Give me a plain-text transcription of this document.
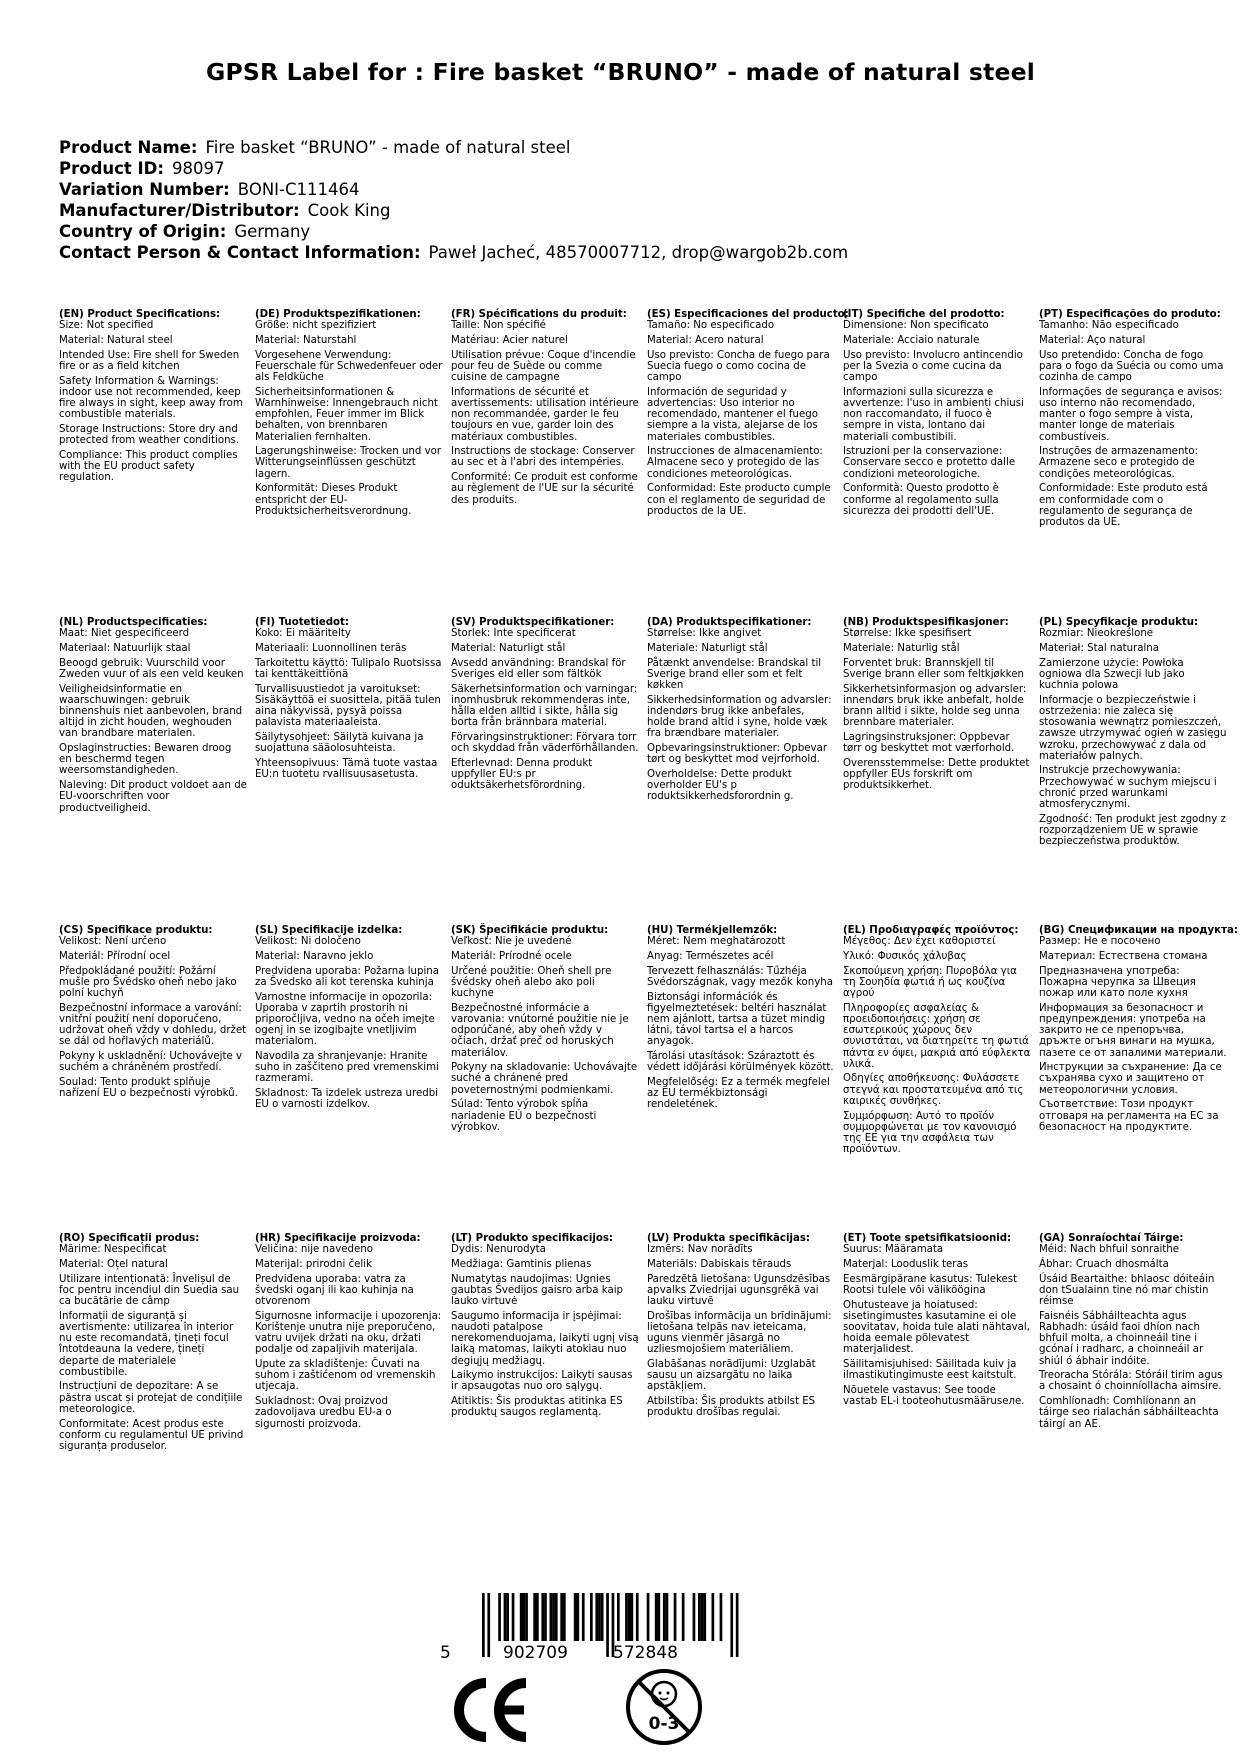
GPSR Label for : Fire basket “BRUNO” - made of natural steel
Product Name: Fire basket “BRUNO” - made of natural steel
Product ID: 98097
Variation Number: BONI-C111464
Manufacturer/Distributor: Cook King
Country of Origin: Germany
Contact Person & Contact Information: Paweł Jacheć, 48570007712, drop@wargob2b.com

(EN) Product Specifications:

Size: Not specified

Material: Natural steel

Intended Use: Fire shell for Sweden fire or as a field kitchen

Safety Information & Warnings: indoor use not recommended, keep fire always in sight, keep away from combustible materials.

Storage Instructions: Store dry and protected from weather conditions.

Compliance: This product complies with the EU product safety regulation.

(DE) Produktspezifikationen:

Größe: nicht spezifiziert

Material: Naturstahl

Vorgesehene Verwendung: Feuerschale für Schwedenfeuer oder als Feldküche

Sicherheitsinformationen & Warnhinweise: Innengebrauch nicht empfohlen, Feuer immer im Blick behalten, von brennbaren Materialien fernhalten.

Lagerungshinweise: Trocken und vor Witterungseinflüssen geschützt lagern.

Konformität: Dieses Produkt entspricht der EU-Produktsicherheitsverordnung.

(FR) Spécifications du produit:

Taille: Non spécifié

Matériau: Acier naturel

Utilisation prévue: Coque d'incendie pour feu de Suède ou comme cuisine de campagne

Informations de sécurité et avertissements: utilisation intérieure non recommandée, garder le feu toujours en vue, garder loin des matériaux combustibles.

Instructions de stockage: Conserver au sec et à l'abri des intempéries.

Conformité: Ce produit est conforme au règlement de l'UE sur la sécurité des produits.

(ES) Especificaciones del producto:

Tamaño: No especificado

Material: Acero natural

Uso previsto: Concha de fuego para Suecia fuego o como cocina de campo

Información de seguridad y advertencias: Uso interior no recomendado, mantener el fuego siempre a la vista, alejarse de los materiales combustibles.

Instrucciones de almacenamiento: Almacene seco y protegido de las condiciones meteorológicas.

Conformidad: Este producto cumple con el reglamento de seguridad de productos de la UE.

(IT) Specifiche del prodotto:

Dimensione: Non specificato

Materiale: Acciaio naturale

Uso previsto: Involucro antincendio per la Svezia o come cucina da campo

Informazioni sulla sicurezza e avvertenze: l'uso in ambienti chiusi non raccomandato, il fuoco è sempre in vista, lontano dai materiali combustibili.

Istruzioni per la conservazione: Conservare secco e protetto dalle condizioni meteorologiche.

Conformità: Questo prodotto è conforme al regolamento sulla sicurezza dei prodotti dell'UE.

(PT) Especificações do produto:

Tamanho: Não especificado

Material: Aço natural

Uso pretendido: Concha de fogo para o fogo da Suécia ou como uma cozinha de campo

Informações de segurança e avisos: uso interno não recomendado, manter o fogo sempre à vista, manter longe de materiais combustíveis.

Instruções de armazenamento: Armazene seco e protegido de condições meteorológicas.

Conformidade: Este produto está em conformidade com o regulamento de segurança de produtos da UE.

(NL) Productspecificaties:

Maat: Niet gespecificeerd

Materiaal: Natuurlijk staal

Beoogd gebruik: Vuurschild voor Zweden vuur of als een veld keuken

Veiligheidsinformatie en waarschuwingen: gebruik binnenshuis niet aanbevolen, brand altijd in zicht houden, weghouden van brandbare materialen.

Opslaginstructies: Bewaren droog en beschermd tegen weersomstandigheden.

Naleving: Dit product voldoet aan de EU-voorschriften voor productveiligheid.

(FI) Tuotetiedot:

Koko: Ei määritelty

Materiaali: Luonnollinen teräs

Tarkoitettu käyttö: Tulipalo Ruotsissa tai kenttäkeittiönä

Turvallisuustiedot ja varoitukset: Sisäkäyttöä ei suosittela, pitää tulen aina näkyvissä, pysyä poissa palavista materiaaleista.

Säilytysohjeet: Säilytä kuivana ja suojattuna sääolosuhteista.

Yhteensopivuus: Tämä tuote vastaa EU:n tuotetu rvallisuusasetusta.

(SV) Produktspecifikationer:

Storlek: Inte specificerat

Material: Naturligt stål

Avsedd användning: Brandskal för Sveriges eld eller som fältkök

Säkerhetsinformation och varningar: inomhusbruk rekommenderas inte, hålla elden alltid i sikte, hålla sig borta från brännbara material.

Förvaringsinstruktioner: Förvara torr och skyddad från väderförhållanden.

Efterlevnad: Denna produkt uppfyller EU:s pr oduktsäkerhetsförordning.

(DA) Produktspecifikationer:

Størrelse: Ikke angivet

Materiale: Naturligt stål

Påtænkt anvendelse: Brandskal til Sverige brand eller som et felt køkken

Sikkerhedsinformation og advarsler: indendørs brug ikke anbefales, holde brand altid i syne, holde væk fra brændbare materialer.

Opbevaringsinstruktioner: Opbevar tørt og beskyttet mod vejrforhold.

Overholdelse: Dette produkt overholder EU's p roduktsikkerhedsforordnin g.

(NB) Produktspesifikasjoner:

Størrelse: Ikke spesifisert

Materiale: Naturlig stål

Forventet bruk: Brannskjell til Sverige brann eller som feltkjøkken

Sikkerhetsinformasjon og advarsler: innendørs bruk ikke anbefalt, holde brann alltid i sikte, holde seg unna brennbare materialer.

Lagringsinstruksjoner: Oppbevar tørr og beskyttet mot værforhold.

Overensstemmelse: Dette produktet oppfyller EUs forskrift om produktsikkerhet.

(PL) Specyfikacje produktu:

Rozmiar: Nieokreślone

Materiał: Stal naturalna

Zamierzone użycie: Powłoka ogniowa dla Szwecji lub jako kuchnia polowa

Informacje o bezpieczeństwie i ostrzeżenia: nie zaleca się stosowania wewnątrz pomieszczeń, zawsze utrzymywać ogień w zasięgu wzroku, przechowywać z dala od materiałów palnych.

Instrukcje przechowywania: Przechowywać w suchym miejscu i chronić przed warunkami atmosferycznymi.

Zgodność: Ten produkt jest zgodny z rozporządzeniem UE w sprawie bezpieczeństwa produktów.

(CS) Specifikace produktu:

Velikost: Není určeno

Materiál: Přírodní ocel

Předpokládané použití: Požární mušle pro Švédsko oheň nebo jako polní kuchyň

Bezpečnostní informace a varování: vnitřní použití není doporučeno, udržovat oheň vždy v dohledu, držet se dál od hořlavých materiálů.

Pokyny k uskladnění: Uchovávejte v suchém a chráněném prostředí.

Soulad: Tento produkt splňuje nařízení EU o bezpečnosti výrobků.

(SL) Specifikacije izdelka:

Velikost: Ni določeno

Material: Naravno jeklo

Predvidena uporaba: Požarna lupina za Švedsko ali kot terenska kuhinja

Varnostne informacije in opozorila: Uporaba v zaprtih prostorih ni priporočljiva, vedno na očeh imejte ogenj in se izogibajte vnetljivim materialom.

Navodila za shranjevanje: Hranite suho in zaščiteno pred vremenskimi razmerami.

Skladnost: Ta izdelek ustreza uredbi EU o varnosti izdelkov.

(SK) Špecifikácie produktu:

Veľkosť: Nie je uvedené

Materiál: Prírodné ocele

Určené použitie: Oheň shell pre švédsky oheň alebo ako poli kuchyne

Bezpečnostné informácie a varovania: vnútorné použitie nie je odporúčané, aby oheň vždy v očiach, držať preč od horuských materiálov.

Pokyny na skladovanie: Uchovávajte suché a chránené pred poveternostnými podmienkami.

Súlad: Tento výrobok spĺňa nariadenie EÚ o bezpečnosti výrobkov.

(HU) Termékjellemzők:

Méret: Nem meghatározott

Anyag: Természetes acél

Tervezett felhasználás: Tűzhéja Svédországnak, vagy mezők konyha

Biztonsági információk és figyelmeztetések: beltéri használat nem ajánlott, tartsa a tüzet mindig látni, távol tartsa el a harcos anyagok.

Tárolási utasítások: Száraztott és védett időjárási körülmények között.

Megfelelőség: Ez a termék megfelel az EU termékbiztonsági rendeletének.

(EL) Προδιαγραφές προϊόντος:

Μέγεθος: Δεν έχει καθοριστεί

Υλικό: Φυσικός χάλυβας

Σκοπούμενη χρήση: Πυροβόλα για τη Σουηδία φωτιά ή ως κουζίνα αγρού

Πληροφορίες ασφαλείας & προειδοποιήσεις: χρήση σε εσωτερικούς χώρους δεν συνιστάται, να διατηρείτε τη φωτιά πάντα εν όψει, μακριά από εύφλεκτα υλικά.

Οδηγίες αποθήκευσης: Φυλάσσετε στεγνά και προστατευμένα από τις καιρικές συνθήκες.

Συμμόρφωση: Αυτό το προϊόν συμμορφώνεται με τον κανονισμό της ΕΕ για την ασφάλεια των προϊόντων.

(BG) Спецификации на продукта:

Размер: Не е посочено

Материал: Естествена стомана

Предназначена употреба: Пожарна черупка за Швеция пожар или като поле кухня

Информация за безопасност и предупреждения: употреба на закрито не се препоръчва, дръжте огъня винаги на мушка, пазете се от запалими материали.

Инструкции за съхранение: Да се съхранява сухо и защитено от метеорологични условия.

Съответствие: Този продукт отговаря на регламента на ЕС за безопасност на продуктите.

(RO) Specificații produs:

Mărime: Nespecificat

Material: Oțel natural

Utilizare intenționată: Învelișul de foc pentru incendiul din Suedia sau ca bucătărie de câmp

Informații de siguranță și avertismente: utilizarea în interior nu este recomandată, țineți focul întotdeauna la vedere, țineți departe de materialele combustibile.

Instrucțiuni de depozitare: A se păstra uscat și protejat de condițiile meteorologice.

Conformitate: Acest produs este conform cu regulamentul UE privind siguranța produselor.

(HR) Specifikacije proizvoda:

Veličina: nije navedeno

Materijal: prirodni čelik

Predviđena uporaba: vatra za švedski oganj ili kao kuhinja na otvorenom

Sigurnosne informacije i upozorenja: Korištenje unutra nije preporučeno, vatru uvijek držati na oku, držati podalje od zapaljivih materijala.

Upute za skladištenje: Čuvati na suhom i zaštićenom od vremenskih utjecaja.

Sukladnost: Ovaj proizvod zadovoljava uredbu EU-a o sigurnosti proizvoda.

(LT) Produkto specifikacijos:

Dydis: Nenurodyta

Medžiaga: Gamtinis plienas

Numatytas naudojimas: Ugnies gaubtas Švedijos gaisro arba kaip lauko virtuvė

Saugumo informacija ir įspėjimai: naudoti patalpose nerekomenduojama, laikyti ugnį visą laiką matomas, laikyti atokiau nuo degiųjų medžiagų.

Laikymo instrukcijos: Laikyti sausas ir apsaugotas nuo oro sąlygų.

Atitiktis: Šis produktas atitinka ES produktų saugos reglamentą.

(LV) Produkta specifikācijas:

Izmērs: Nav norādīts

Materiāls: Dabiskais tērauds

Paredzētā lietošana: Ugunsdzēsības apvalks Zviedrijai ugunsgrēkā vai lauku virtuvē

Drošības informācija un brīdinājumi: lietošana telpās nav ieteicama, uguns vienmēr jāsargā no uzliesmojošiem materiāliem.

Glabāšanas norādījumi: Uzglabāt sausu un aizsargātu no laika apstākļiem.

Atbilstība: Šis produkts atbilst ES produktu drošības regulai.

(ET) Toote spetsifikatsioonid:

Suurus: Määramata

Materjal: Looduslik teras

Eesmärgipärane kasutus: Tulekest Rootsi tulele või välikööginа

Ohutusteave ja hoiatused: sisetingimustes kasutamine ei ole soovitatav, hoida tule alati nähtaval, hoida eemale põlevatest materjalidest.

Säilitamisjuhised: Säilitada kuiv ja ilmastikutingimuste eest kaitstult.

Nõuetele vastavus: See toode vastab EL-i tooteohutusmääruseле.

(GA) Sonraíochtaí Táirge:

Méid: Nach bhfuil sonraithe

Ábhar: Cruach dhosmálta

Úsáid Beartaithe: bhlaosc dóiteáin don tSualainn tine nó mar chistin réimse

Faisnéis Sábháilteachta agus Rabhadh: úsáid faoi dhíon nach bhfuil molta, a choinneáil tine i gcónaí i radharc, a choinneáil ar shiúl ó ábhair indóite.

Treoracha Stórála: Stóráil tirim agus a chosaint ó choinníollacha aimsire.

Comhlíonadh: Comhlíonann an táirge seo rialachán sábháilteachta táirgí an AE.

5	902709	572848
0-3
